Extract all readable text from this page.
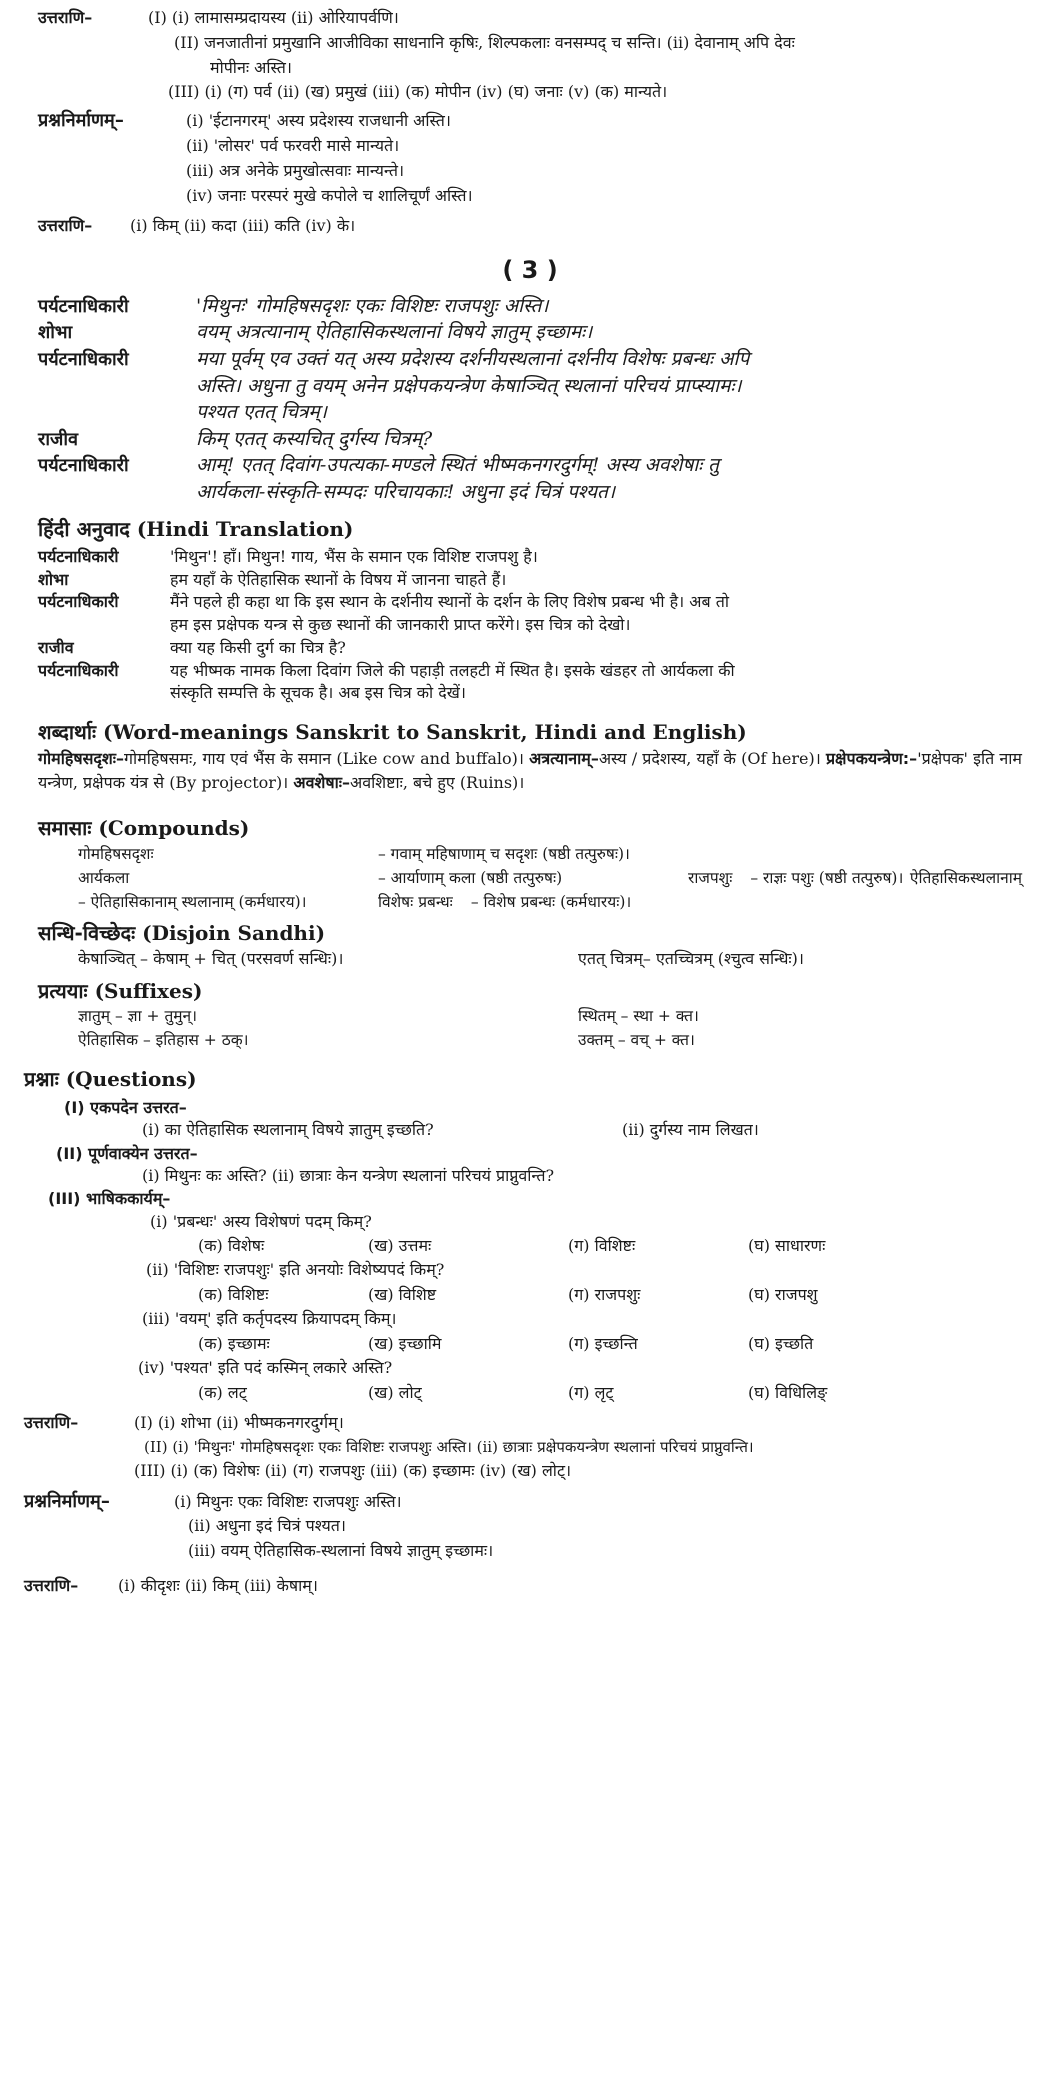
उत्तराणि–	(I) (i) लामासम्प्रदायस्य (ii) ओरियापर्वणि।
(II) जनजातीनां प्रमुखानि आजीविका साधनानि कृषिः, शिल्पकलाः वनसम्पद् च सन्ति। (ii) देवानाम् अपि देवः
मोपीनः अस्ति।
(III) (i) (ग) पर्व (ii) (ख) प्रमुखं (iii) (क) मोपीन (iv) (घ) जनाः (v) (क) मान्यते।
प्रश्ननिर्माणम्–	(i) 'ईटानगरम्' अस्य प्रदेशस्य राजधानी अस्ति।
(ii) 'लोसर' पर्व फरवरी मासे मान्यते।
(iii) अत्र अनेके प्रमुखोत्सवाः मान्यन्ते।
(iv) जनाः परस्परं मुखे कपोले च शालिचूर्णं अस्ति।
उत्तराणि–	(i) किम् (ii) कदा (iii) कति (iv) के।
( 3 )
पर्यटनाधिकारी	'मिथुनः' गोमहिषसदृशः एकः विशिष्टः राजपशुः अस्ति।
शोभा	वयम् अत्रत्यानाम् ऐतिहासिकस्थलानां विषये ज्ञातुम् इच्छामः।
पर्यटनाधिकारी	मया पूर्वम् एव उक्तं यत् अस्य प्रदेशस्य दर्शनीयस्थलानां दर्शनीय विशेषः प्रबन्धः अपि
अस्ति। अधुना तु वयम् अनेन प्रक्षेपकयन्त्रेण केषाञ्चित् स्थलानां परिचयं प्राप्स्यामः।
पश्यत एतत् चित्रम्।
राजीव	किम् एतत् कस्यचित् दुर्गस्य चित्रम्?
पर्यटनाधिकारी	आम्! एतत् दिवांग-उपत्यका-मण्डले स्थितं भीष्मकनगरदुर्गम्! अस्य अवशेषाः तु
आर्यकला-संस्कृति-सम्पदः परिचायकाः! अधुना इदं चित्रं पश्यत।
हिंदी अनुवाद (Hindi Translation)
पर्यटनाधिकारी	'मिथुन'! हाँ। मिथुन! गाय, भैंस के समान एक विशिष्ट राजपशु है।
शोभा	हम यहाँ के ऐतिहासिक स्थानों के विषय में जानना चाहते हैं।
पर्यटनाधिकारी	मैंने पहले ही कहा था कि इस स्थान के दर्शनीय स्थानों के दर्शन के लिए विशेष प्रबन्ध भी है। अब तो
हम इस प्रक्षेपक यन्त्र से कुछ स्थानों की जानकारी प्राप्त करेंगे। इस चित्र को देखो।
राजीव	क्या यह किसी दुर्ग का चित्र है?
पर्यटनाधिकारी	यह भीष्मक नामक किला दिवांग जिले की पहाड़ी तलहटी में स्थित है। इसके खंडहर तो आर्यकला की
संस्कृति सम्पत्ति के सूचक है। अब इस चित्र को देखें।
शब्दार्थाः (Word-meanings Sanskrit to Sanskrit, Hindi and English)
गोमहिषसदृशः–गोमहिषसमः, गाय एवं भैंस के समान (Like cow and buffalo)। अत्रत्यानाम्–अस्य / प्रदेशस्य, यहाँ के (Of here)। प्रक्षेपकयन्त्रेण:–'प्रक्षेपक' इति नाम यन्त्रेण, प्रक्षेपक यंत्र से (By projector)। अवशेषाः–अवशिष्टाः, बचे हुए (Ruins)।
समासाः (Compounds)
गोमहिषसदृशः	– गवाम् महिषाणाम् च सदृशः (षष्ठी तत्पुरुषः)।
आर्यकला	– आर्याणाम् कला (षष्ठी तत्पुरुषः)	राजपशुः – राज्ञः पशुः (षष्ठी तत्पुरुष)। ऐतिहासिकस्थलानाम्
– ऐतिहासिकानाम् स्थलानाम् (कर्मधारय)।	विशेषः प्रबन्धः – विशेष प्रबन्धः (कर्मधारयः)।
सन्धि-विच्छेदः (Disjoin Sandhi)
केषाञ्चित् – केषाम् + चित् (परसवर्ण सन्धिः)।	एतत् चित्रम्– एतच्चित्रम् (श्चुत्व सन्धिः)।
प्रत्ययाः (Suffixes)
ज्ञातुम् – ज्ञा + तुमुन्।	स्थितम् – स्था + क्त।
ऐतिहासिक – इतिहास + ठक्।	उक्तम् – वच् + क्त।
प्रश्नाः (Questions)
(I) एकपदेन उत्तरत–
(i) का ऐतिहासिक स्थलानाम् विषये ज्ञातुम् इच्छति?	(ii) दुर्गस्य नाम लिखत।
(II) पूर्णवाक्येन उत्तरत–
(i) मिथुनः कः अस्ति? (ii) छात्राः केन यन्त्रेण स्थलानां परिचयं प्राप्नुवन्ति?
(III) भाषिककार्यम्–
(i) 'प्रबन्धः' अस्य विशेषणं पदम् किम्?
(क) विशेषः	(ख) उत्तमः	(ग) विशिष्टः	(घ) साधारणः
(ii) 'विशिष्टः राजपशुः' इति अनयोः विशेष्यपदं किम्?
(क) विशिष्टः	(ख) विशिष्ट	(ग) राजपशुः	(घ) राजपशु
(iii) 'वयम्' इति कर्तृपदस्य क्रियापदम् किम्।
(क) इच्छामः	(ख) इच्छामि	(ग) इच्छन्ति	(घ) इच्छति
(iv) 'पश्यत' इति पदं कस्मिन् लकारे अस्ति?
(क) लट्	(ख) लोट्	(ग) लृट्	(घ) विधिलिङ्
उत्तराणि–	(I) (i) शोभा (ii) भीष्मकनगरदुर्गम्।
(II) (i) 'मिथुनः' गोमहिषसदृशः एकः विशिष्टः राजपशुः अस्ति। (ii) छात्राः प्रक्षेपकयन्त्रेण स्थलानां परिचयं प्राप्नुवन्ति।
(III) (i) (क) विशेषः (ii) (ग) राजपशुः (iii) (क) इच्छामः (iv) (ख) लोट्।
प्रश्ननिर्माणम्–	(i) मिथुनः एकः विशिष्टः राजपशुः अस्ति।
(ii) अधुना इदं चित्रं पश्यत।
(iii) वयम् ऐतिहासिक-स्थलानां विषये ज्ञातुम् इच्छामः।
उत्तराणि–	(i) कीदृशः (ii) किम् (iii) केषाम्।
